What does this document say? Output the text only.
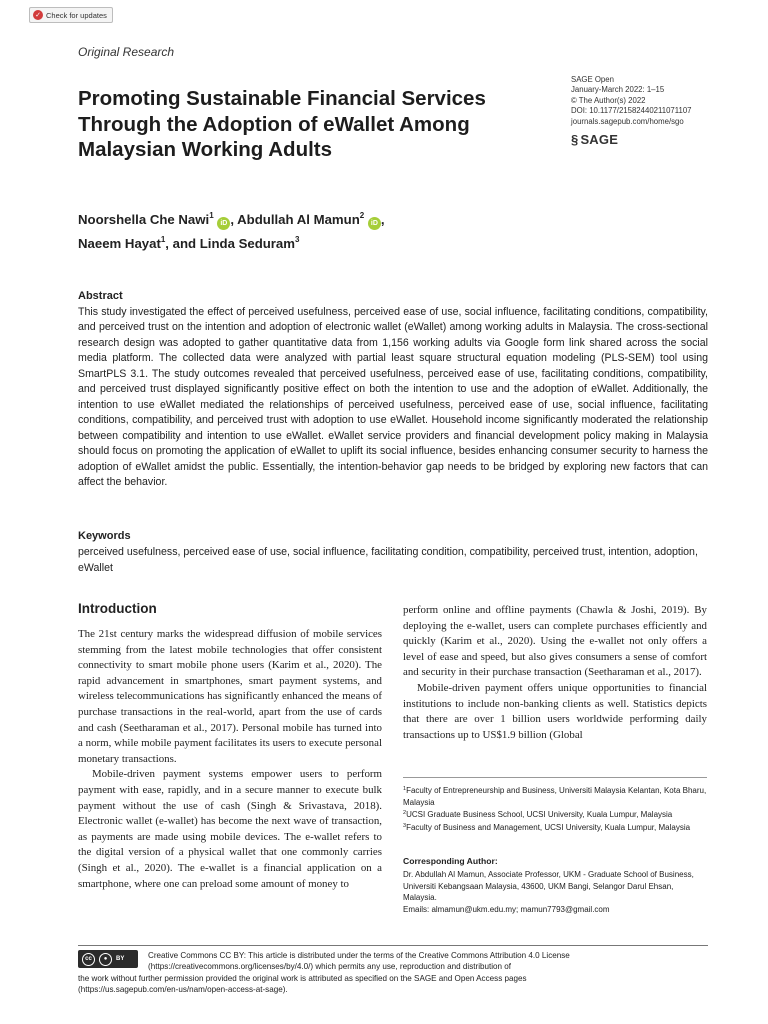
✓ Check for updates
Original Research
Promoting Sustainable Financial Services Through the Adoption of eWallet Among Malaysian Working Adults
SAGE Open
January-March 2022: 1–15
© The Author(s) 2022
DOI: 10.1177/21582440211071107
journals.sagepub.com/home/sgo
§ SAGE
Noorshella Che Nawi$^1$ iD , Abdullah Al Mamun$^2$ iD ,
Naeem Hayat$^1$, and Linda Seduram$^3$
Abstract
This study investigated the effect of perceived usefulness, perceived ease of use, social influence, facilitating conditions, compatibility, and perceived trust on the intention and adoption of electronic wallet (eWallet) among working adults in Malaysia. The cross-sectional research design was adopted to gather quantitative data from 1,156 working adults via Google form link shared across the social media platform. The collected data were analyzed with partial least square structural equation modeling (PLS-SEM) tool using SmartPLS 3.1. The study outcomes revealed that perceived usefulness, perceived ease of use, facilitating conditions, compatibility, and perceived trust displayed significantly positive effect on both the intention to use and the adoption of eWallet. Additionally, the intention to use eWallet mediated the relationships of perceived usefulness, perceived ease of use, social influence, facilitating conditions, compatibility, and perceived trust with adoption to use eWallet. Household income significantly moderated the relationship between compatibility and intention to use eWallet. eWallet service providers and financial development policy making in Malaysia should focus on promoting the application of eWallet to uplift its social influence, besides enhancing consumer security to harness the adoption of eWallet amidst the public. Essentially, the intention-behavior gap needs to be bridged by exploring new factors that can affect the behavior.
Keywords
perceived usefulness, perceived ease of use, social influence, facilitating condition, compatibility, perceived trust, intention, adoption, eWallet
Introduction

The 21st century marks the widespread diffusion of mobile services stemming from the latest mobile technologies that offer consistent connectivity to smart mobile phone users (Karim et al., 2020). The rapid advancement in smartphones, smart payment systems, and wireless telecommunications has significantly enhanced the means of purchase transactions in the real-world, apart from the use of cards and cash (Seetharaman et al., 2017). Personal mobile has turned into a norm, while mobile payment facilitates its users to execute personal monetary transactions.

Mobile-driven payment systems empower users to perform payment with ease, rapidly, and in a secure manner to execute bulk payment without the use of cash (Singh & Srivastava, 2018). Electronic wallet (e-wallet) has become the next wave of transaction, as payments are made using mobile devices. The e-wallet refers to the digital version of a physical wallet that one commonly carries (Singh et al., 2020). The e-wallet is a financial application on a smartphone, where one can preload some amount of money to

perform online and offline payments (Chawla & Joshi, 2019). By deploying the e-wallet, users can complete purchases efficiently and quickly (Karim et al., 2020). Using the e-wallet not only offers a level of ease and speed, but also gives consumers a sense of comfort and security in their purchase transaction (Seetharaman et al., 2017).

Mobile-driven payment offers unique opportunities to financial institutions to include non-banking clients as well. Statistics depicts that there are over 1 billion users worldwide performing daily transactions up to US$1.9 billion (Global

$^1$Faculty of Entrepreneurship and Business, Universiti Malaysia Kelantan, Kota Bharu, Malaysia
$^2$UCSI Graduate Business School, UCSI University, Kuala Lumpur, Malaysia
$^3$Faculty of Business and Management, UCSI University, Kuala Lumpur, Malaysia
Corresponding Author:
Dr. Abdullah Al Mamun, Associate Professor, UKM - Graduate School of Business, Universiti Kebangsaan Malaysia, 43600, UKM Bangi, Selangor Darul Ehsan, Malaysia.
Emails: almamun@ukm.edu.my; mamun7793@gmail.com
Creative Commons CC BY: This article is distributed under the terms of the Creative Commons Attribution 4.0 License
(https://creativecommons.org/licenses/by/4.0/) which permits any use, reproduction and distribution of
the work without further permission provided the original work is attributed as specified on the SAGE and Open Access pages
(https://us.sagepub.com/en-us/nam/open-access-at-sage).
cc	●	BY
